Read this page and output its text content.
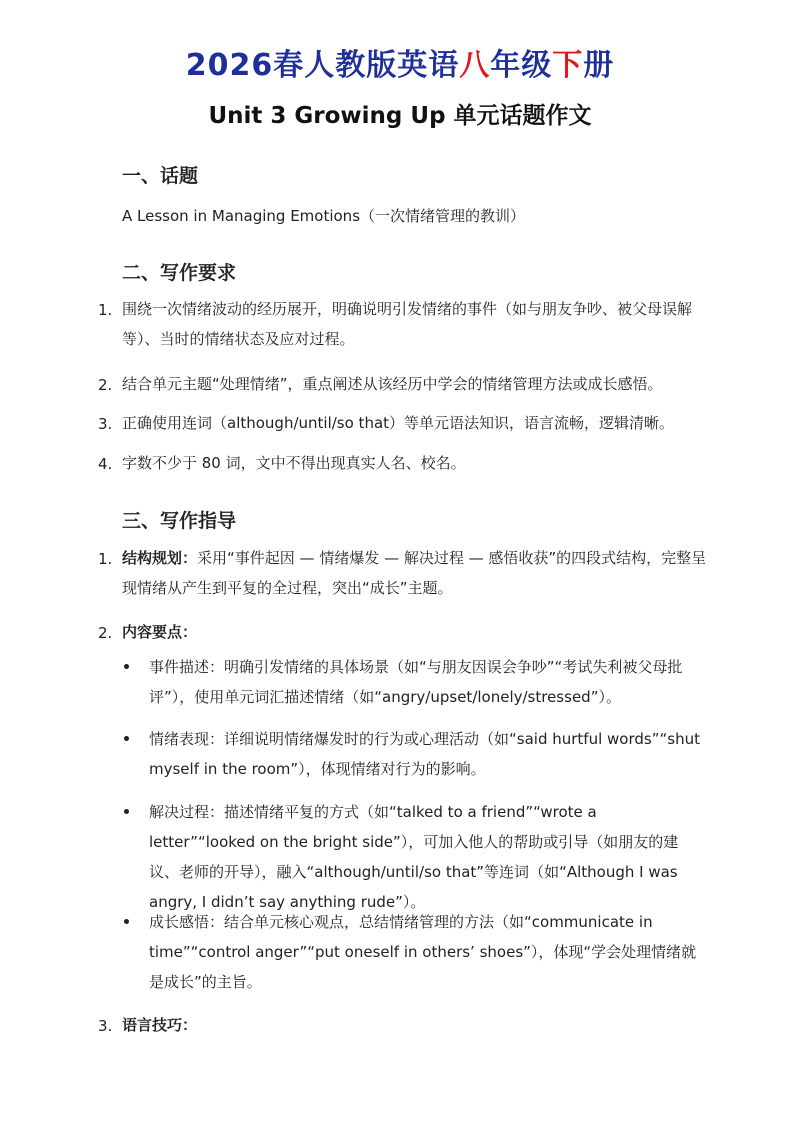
2026春人教版英语八年级下册
Unit 3 Growing Up 单元话题作文
一、话题
A Lesson in Managing Emotions（一次情绪管理的教训）
二、写作要求
1. 围绕一次情绪波动的经历展开，明确说明引发情绪的事件（如与朋友争吵、被父母误解等）、当时的情绪状态及应对过程。
2. 结合单元主题“处理情绪”，重点阐述从该经历中学会的情绪管理方法或成长感悟。
3. 正确使用连词（although/until/so that）等单元语法知识，语言流畅，逻辑清晰。
4. 字数不少于 80 词，文中不得出现真实人名、校名。
三、写作指导
1. 结构规划：采用“事件起因 — 情绪爆发 — 解决过程 — 感悟收获”的四段式结构，完整呈现情绪从产生到平复的全过程，突出“成长”主题。
2. 内容要点：
事件描述：明确引发情绪的具体场景（如“与朋友因误会争吵”“考试失利被父母批评”），使用单元词汇描述情绪（如“angry/upset/lonely/stressed”）。
情绪表现：详细说明情绪爆发时的行为或心理活动（如“said hurtful words”“shut myself in the room”），体现情绪对行为的影响。
解决过程：描述情绪平复的方式（如“talked to a friend”“wrote a letter”“looked on the bright side”），可加入他人的帮助或引导（如朋友的建议、老师的开导），融入“although/until/so that”等连词（如“Although I was angry, I didn’t say anything rude”）。
成长感悟：结合单元核心观点，总结情绪管理的方法（如“communicate in time”“control anger”“put oneself in others’ shoes”），体现“学会处理情绪就是成长”的主旨。
3. 语言技巧：
